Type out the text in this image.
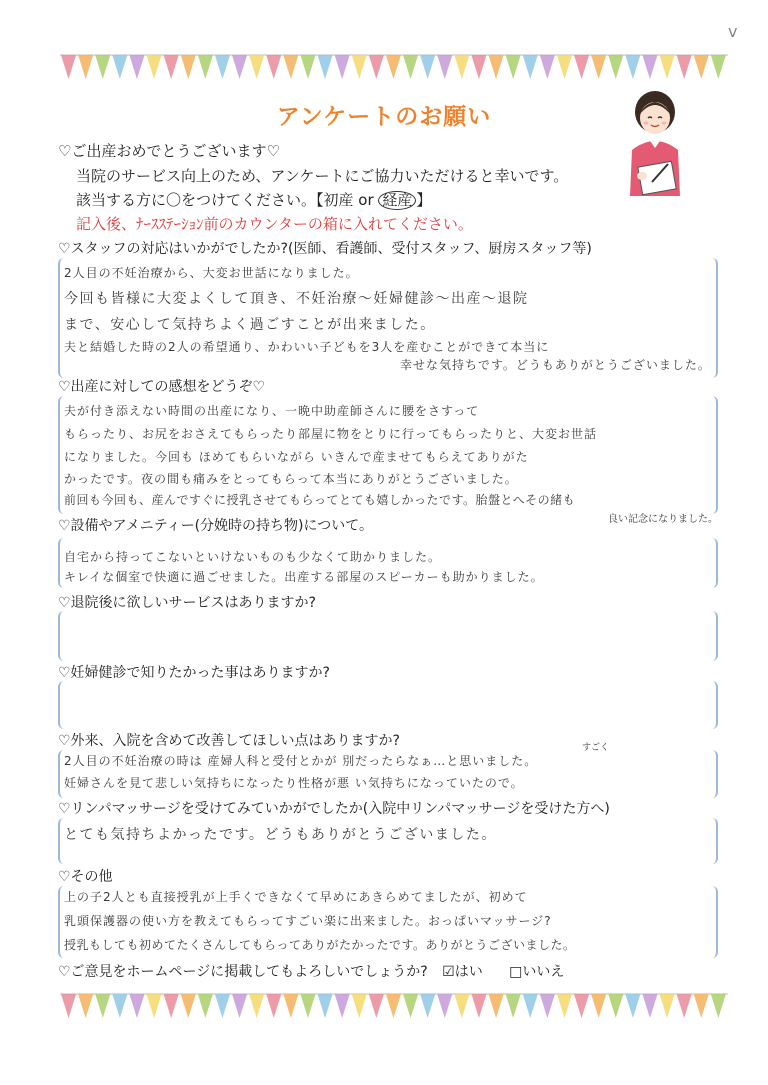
v
アンケートのお願い
♡ご出産おめでとうございます♡
当院のサービス向上のため、アンケートにご協力いただけると幸いです。
該当する方に〇をつけてください。【初産 or 経産 】
記入後、ﾅｰｽｽﾃｰｼｮﾝ前のカウンターの箱に入れてください。
♡スタッフの対応はいかがでしたか?(医師、看護師、受付スタッフ、厨房スタッフ等)
2人目の不妊治療から、大変お世話になりました。
今回も皆様に大変よくして頂き、不妊治療～妊婦健診～出産～退院
まで、安心して気持ちよく過ごすことが出来ました。
夫と結婚した時の2人の希望通り、かわいい子どもを3人を産むことができて本当に
幸せな気持ちです。どうもありがとうございました。
♡出産に対しての感想をどうぞ♡
夫が付き添えない時間の出産になり、一晩中助産師さんに腰をさすって
もらったり、お尻をおさえてもらったり部屋に物をとりに行ってもらったりと、大変お世話
になりました。今回も ほめてもらいながら いきんで産ませてもらえてありがた
かったです。夜の間も痛みをとってもらって本当にありがとうございました。
前回も今回も、産んですぐに授乳させてもらってとても嬉しかったです。胎盤とへその緒も
良い記念になりました。
♡設備やアメニティー(分娩時の持ち物)について。
自宅から持ってこないといけないものも少なくて助かりました。
キレイな個室で快適に過ごせました。出産する部屋のスピーカーも助かりました。
♡退院後に欲しいサービスはありますか?
♡妊婦健診で知りたかった事はありますか?
♡外来、入院を含めて改善してほしい点はありますか?	すごく
2人目の不妊治療の時は 産婦人科と受付とかが 別だったらなぁ…と思いました。
妊婦さんを見て悲しい気持ちになったり性格が悪 い気持ちになっていたので。
♡リンパマッサージを受けてみていかがでしたか(入院中リンパマッサージを受けた方へ)
とても気持ちよかったです。どうもありがとうございました。
♡その他
上の子2人とも直接授乳が上手くできなくて早めにあきらめてましたが、初めて
乳頭保護器の使い方を教えてもらってすごい楽に出来ました。おっぱいマッサージ?
授乳もしても初めてたくさんしてもらってありがたかったです。ありがとうございました。
♡ご意見をホームページに掲載してもよろしいでしょうか? ☑はい □いいえ
